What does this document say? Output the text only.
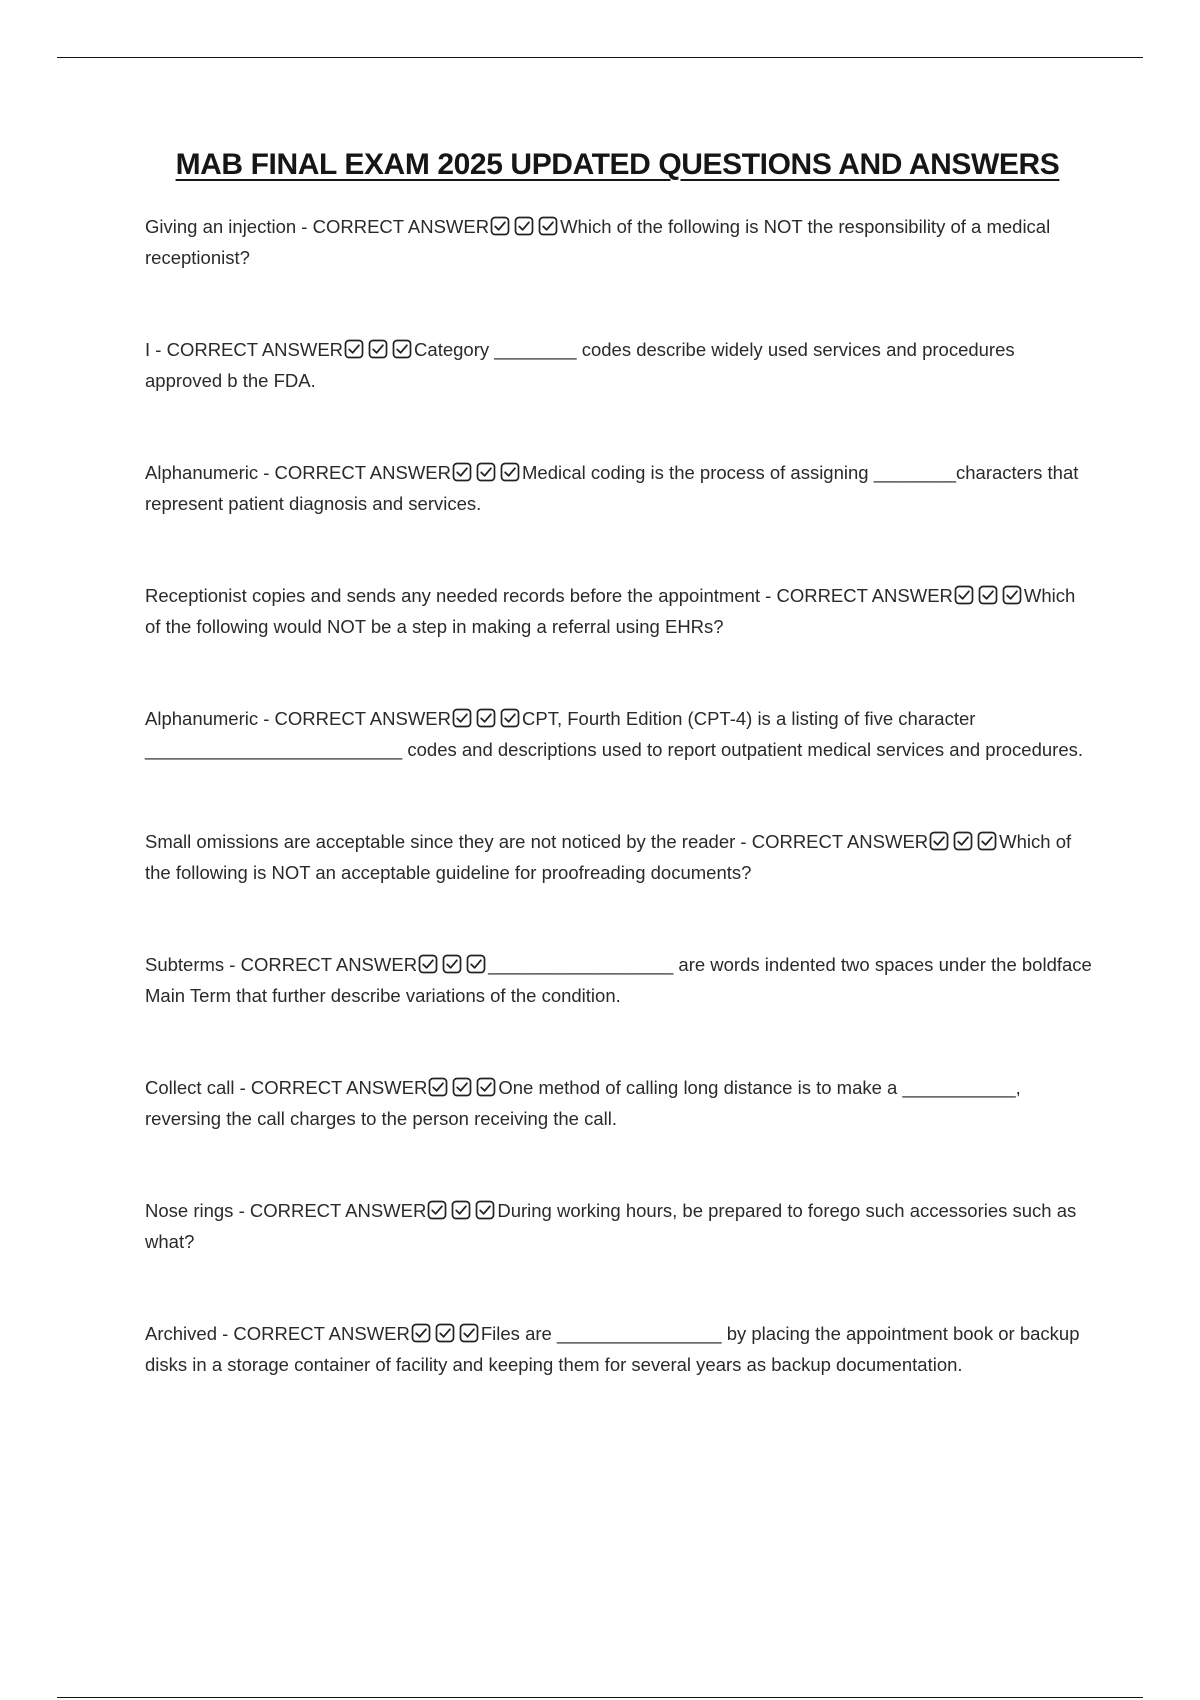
MAB FINAL EXAM 2025 UPDATED QUESTIONS AND ANSWERS
Giving an injection - CORRECT ANSWER	Which of the following is NOT the responsibility of a medical receptionist?
I - CORRECT ANSWER	Category ________ codes describe widely used services and procedures approved b the FDA.
Alphanumeric - CORRECT ANSWER	Medical coding is the process of assigning ________characters that represent patient diagnosis and services.
Receptionist copies and sends any needed records before the appointment - CORRECT ANSWER	Which of the following would NOT be a step in making a referral using EHRs?
Alphanumeric - CORRECT ANSWER	CPT, Fourth Edition (CPT-4) is a listing of five character _________________________ codes and descriptions used to report outpatient medical services and procedures.
Small omissions are acceptable since they are not noticed by the reader - CORRECT ANSWER	Which of the following is NOT an acceptable guideline for proofreading documents?
Subterms - CORRECT ANSWER	__________________ are words indented two spaces under the boldface Main Term that further describe variations of the condition.
Collect call - CORRECT ANSWER	One method of calling long distance is to make a ___________, reversing the call charges to the person receiving the call.
Nose rings - CORRECT ANSWER	During working hours, be prepared to forego such accessories such as what?
Archived - CORRECT ANSWER	Files are ________________ by placing the appointment book or backup disks in a storage container of facility and keeping them for several years as backup documentation.
